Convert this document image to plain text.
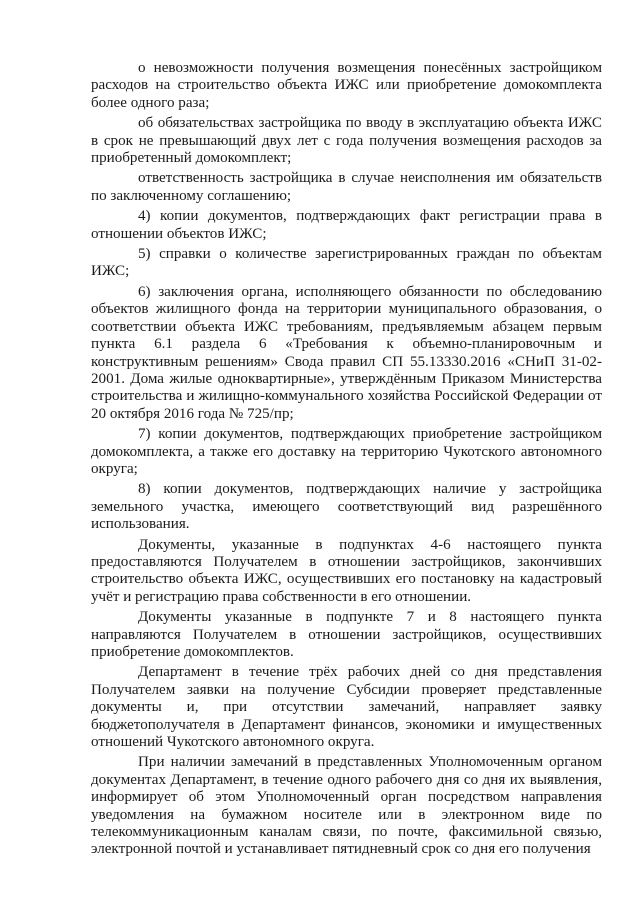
о невозможности получения возмещения понесённых застройщиком расходов на строительство объекта ИЖС или приобретение домокомплекта более одного раза;

об обязательствах застройщика по вводу в эксплуатацию объекта ИЖС в срок не превышающий двух лет с года получения возмещения расходов за приобретенный домокомплект;

ответственность застройщика в случае неисполнения им обязательств по заключенному соглашению;

4) копии документов, подтверждающих факт регистрации права в отношении объектов ИЖС;

5) справки о количестве зарегистрированных граждан по объектам ИЖС;

6) заключения органа, исполняющего обязанности по обследованию объектов жилищного фонда на территории муниципального образования, о соответствии объекта ИЖС требованиям, предъявляемым абзацем первым пункта 6.1 раздела 6 «Требования к объемно-планировочным и конструктивным решениям» Свода правил СП 55.13330.2016 «СНиП 31-02-2001. Дома жилые одноквартирные», утверждённым Приказом Министерства строительства и жилищно-коммунального хозяйства Российской Федерации от 20 октября 2016 года № 725/пр;

7) копии документов, подтверждающих приобретение застройщиком домокомплекта, а также его доставку на территорию Чукотского автономного округа;

8) копии документов, подтверждающих наличие у застройщика земельного участка, имеющего соответствующий вид разрешённого использования.

Документы, указанные в подпунктах 4-6 настоящего пункта предоставляются Получателем в отношении застройщиков, закончивших строительство объекта ИЖС, осуществивших его постановку на кадастровый учёт и регистрацию права собственности в его отношении.

Документы указанные в подпункте 7 и 8 настоящего пункта направляются Получателем в отношении застройщиков, осуществивших приобретение домокомплектов.

Департамент в течение трёх рабочих дней со дня представления Получателем заявки на получение Субсидии проверяет представленные документы и, при отсутствии замечаний, направляет заявку бюджетополучателя в Департамент финансов, экономики и имущественных отношений Чукотского автономного округа.

При наличии замечаний в представленных Уполномоченным органом документах Департамент, в течение одного рабочего дня со дня их выявления, информирует об этом Уполномоченный орган посредством направления уведомления на бумажном носителе или в электронном виде по телекоммуникационным каналам связи, по почте, факсимильной связью, электронной почтой и устанавливает пятидневный срок со дня его получения
